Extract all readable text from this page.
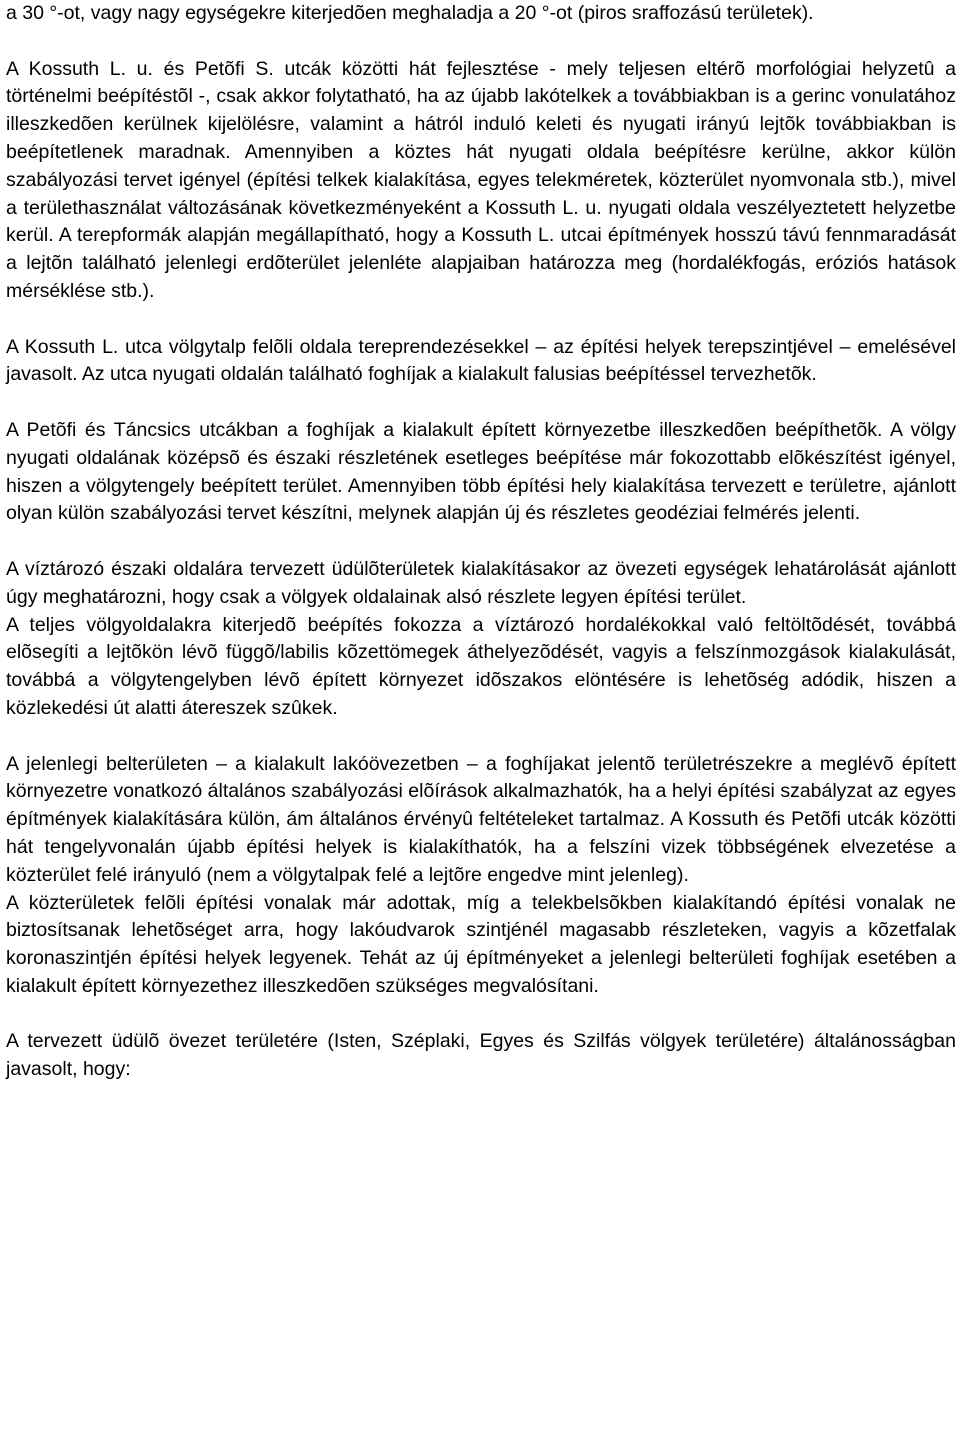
a 30 °-ot, vagy nagy egységekre kiterjedõen meghaladja a 20 °-ot (piros sraffozású területek).

A Kossuth L. u. és Petõfi S. utcák közötti hát fejlesztése - mely teljesen eltérõ morfológiai helyzetû a történelmi beépítéstõl -, csak akkor folytatható, ha az újabb lakótelkek a továbbiakban is a gerinc vonulatához illeszkedõen kerülnek kijelölésre, valamint a hátról induló keleti és nyugati irányú lejtõk továbbiakban is beépítetlenek maradnak. Amennyiben a köztes hát nyugati oldala beépítésre kerülne, akkor külön szabályozási tervet igényel (építési telkek kialakítása, egyes telekméretek, közterület nyomvonala stb.), mivel a területhasználat változásának következményeként a Kossuth L. u. nyugati oldala veszélyeztetett helyzetbe kerül. A terepformák alapján megállapítható, hogy a Kossuth L. utcai építmények hosszú távú fennmaradását a lejtõn található jelenlegi erdõterület jelenléte alapjaiban határozza meg (hordalékfogás, eróziós hatások mérséklése stb.).

A Kossuth L. utca völgytalp felõli oldala tereprendezésekkel – az építési helyek terepszintjével – emelésével javasolt. Az utca nyugati oldalán található foghíjak a kialakult falusias beépítéssel tervezhetõk.

A Petõfi és Táncsics utcákban a foghíjak a kialakult épített környezetbe illeszkedõen beépíthetõk. A völgy nyugati oldalának középsõ és északi részletének esetleges beépítése már fokozottabb elõkészítést igényel, hiszen a völgytengely beépített terület. Amennyiben több építési hely kialakítása tervezett e területre, ajánlott olyan külön szabályozási tervet készítni, melynek alapján új és részletes geodéziai felmérés jelenti.

A víztározó északi oldalára tervezett üdülõterületek kialakításakor az övezeti egységek lehatárolását ajánlott úgy meghatározni, hogy csak a völgyek oldalainak alsó részlete legyen építési terület.

A teljes völgyoldalakra kiterjedõ beépítés fokozza a víztározó hordalékokkal való feltöltõdését, továbbá elõsegíti a lejtõkön lévõ függõ/labilis kõzettömegek áthelyezõdését, vagyis a felszínmozgások kialakulását, továbbá a völgytengelyben lévõ épített környezet idõszakos elöntésére is lehetõség adódik, hiszen a közlekedési út alatti átereszek szûkek.

A jelenlegi belterületen – a kialakult lakóövezetben – a foghíjakat jelentõ területrészekre a meglévõ épített környezetre vonatkozó általános szabályozási elõírások alkalmazhatók, ha a helyi építési szabályzat az egyes építmények kialakítására külön, ám általános érvényû feltételeket tartalmaz. A Kossuth és Petõfi utcák közötti hát tengelyvonalán újabb építési helyek is kialakíthatók, ha a felszíni vizek többségének elvezetése a közterület felé irányuló (nem a völgytalpak felé a lejtõre engedve mint jelenleg).

A közterületek felõli építési vonalak már adottak, míg a telekbelsõkben kialakítandó építési vonalak ne biztosítsanak lehetõséget arra, hogy lakóudvarok szintjénél magasabb részleteken, vagyis a kõzetfalak koronaszintjén építési helyek legyenek. Tehát az új építményeket a jelenlegi belterületi foghíjak esetében a kialakult épített környezethez illeszkedõen szükséges megvalósítani.

A tervezett üdülõ övezet területére (Isten, Széplaki, Egyes és Szilfás völgyek területére) általánosságban javasolt, hogy:
